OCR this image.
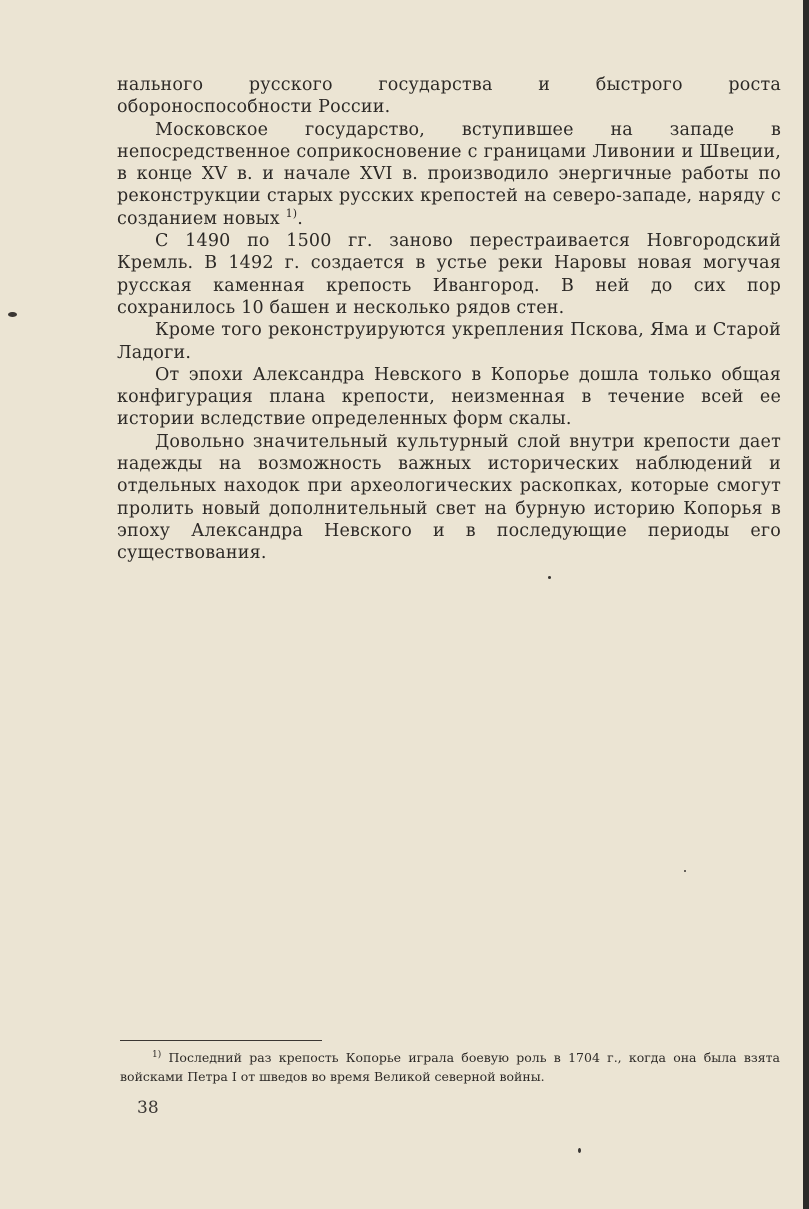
нального русского государства и быстрого роста обороноспособности России.

Московское государство, вступившее на западе в непосредственное соприкосновение с границами Ливонии и Швеции, в конце XV в. и начале XVI в. производило энергичные работы по реконструкции старых русских крепостей на северо-западе, наряду с созданием новых $^{1)}$.

С 1490 по 1500 гг. заново перестраивается Новгородский Кремль. В 1492 г. создается в устье реки Наровы новая могучая русская каменная крепость Ивангород. В ней до сих пор сохранилось 10 башен и несколько рядов стен.

Кроме того реконструируются укрепления Пскова, Яма и Старой Ладоги.

От эпохи Александра Невского в Копорье дошла только общая конфигурация плана крепости, неизменная в течение всей ее истории вследствие определенных форм скалы.

Довольно значительный культурный слой внутри крепости дает надежды на возможность важных исторических наблюдений и отдельных находок при археологических раскопках, которые смогут пролить новый дополнительный свет на бурную историю Копорья в эпоху Александра Невского и в последующие периоды его существования.

$^{1)}$ Последний раз крепость Копорье играла боевую роль в 1704 г., когда она была взята войсками Петра I от шведов во время Великой северной войны.

38
